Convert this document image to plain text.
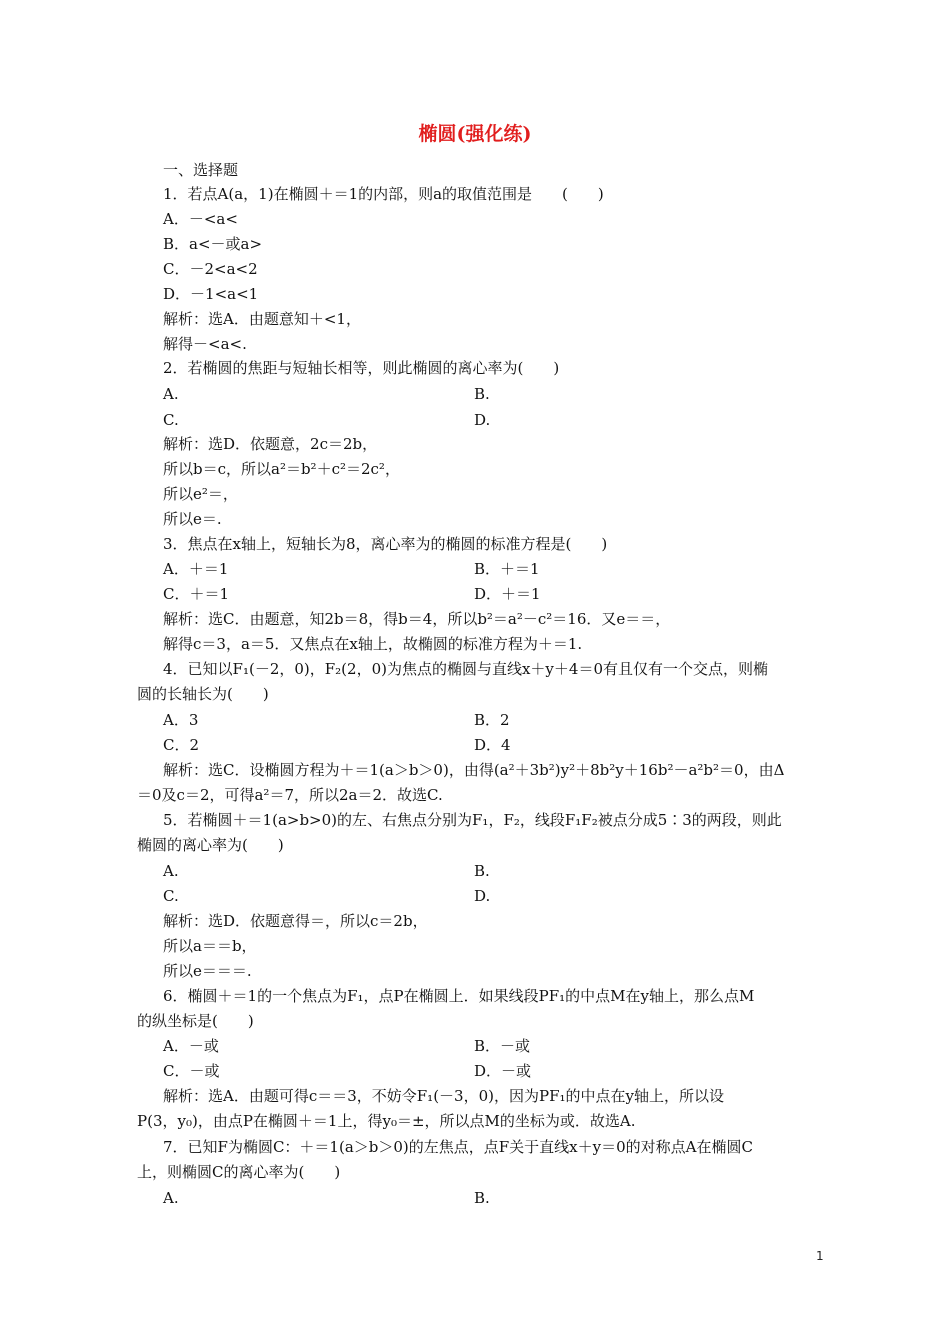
椭圆(强化练)
一、选择题
1．若点A(a，1)在椭圆＋＝1的内部，则a的取值范围是　　(　　)
A．－<a<
B．a<－或a>
C．－2<a<2
D．－1<a<1
解析：选A．由题意知＋<1，
解得－<a<.
2．若椭圆的焦距与短轴长相等，则此椭圆的离心率为(　　)
A.	B.
C.	D.
解析：选D．依题意，2c＝2b，
所以b＝c，所以a²＝b²＋c²＝2c²，
所以e²＝，
所以e＝.
3．焦点在x轴上，短轴长为8，离心率为的椭圆的标准方程是(　　)
A．＋＝1	B．＋＝1
C．＋＝1	D．＋＝1
解析：选C．由题意，知2b＝8，得b＝4，所以b²＝a²－c²＝16．又e＝＝，
解得c＝3，a＝5．又焦点在x轴上，故椭圆的标准方程为＋＝1.
4．已知以F₁(－2，0)，F₂(2，0)为焦点的椭圆与直线x＋y＋4＝0有且仅有一个交点，则椭
圆的长轴长为(　　)
A．3	B．2
C．2	D．4
解析：选C．设椭圆方程为＋＝1(a＞b＞0)，由得(a²＋3b²)y²＋8b²y＋16b²－a²b²＝0，由Δ
＝0及c＝2，可得a²＝7，所以2a＝2．故选C.
5．若椭圆＋＝1(a>b>0)的左、右焦点分别为F₁，F₂，线段F₁F₂被点分成5∶3的两段，则此
椭圆的离心率为(　　)
A.	B.
C.	D.
解析：选D．依题意得＝，所以c＝2b，
所以a＝＝b，
所以e＝＝＝.
6．椭圆＋＝1的一个焦点为F₁，点P在椭圆上．如果线段PF₁的中点M在y轴上，那么点M
的纵坐标是(　　)
A．－或	B．－或
C．－或	D．－或
解析：选A．由题可得c＝＝3，不妨令F₁(－3，0)，因为PF₁的中点在y轴上，所以设
P(3，y₀)，由点P在椭圆＋＝1上，得y₀＝±，所以点M的坐标为或．故选A.
7．已知F为椭圆C：＋＝1(a＞b＞0)的左焦点，点F关于直线x＋y＝0的对称点A在椭圆C
上，则椭圆C的离心率为(　　)
A.	B.
1
